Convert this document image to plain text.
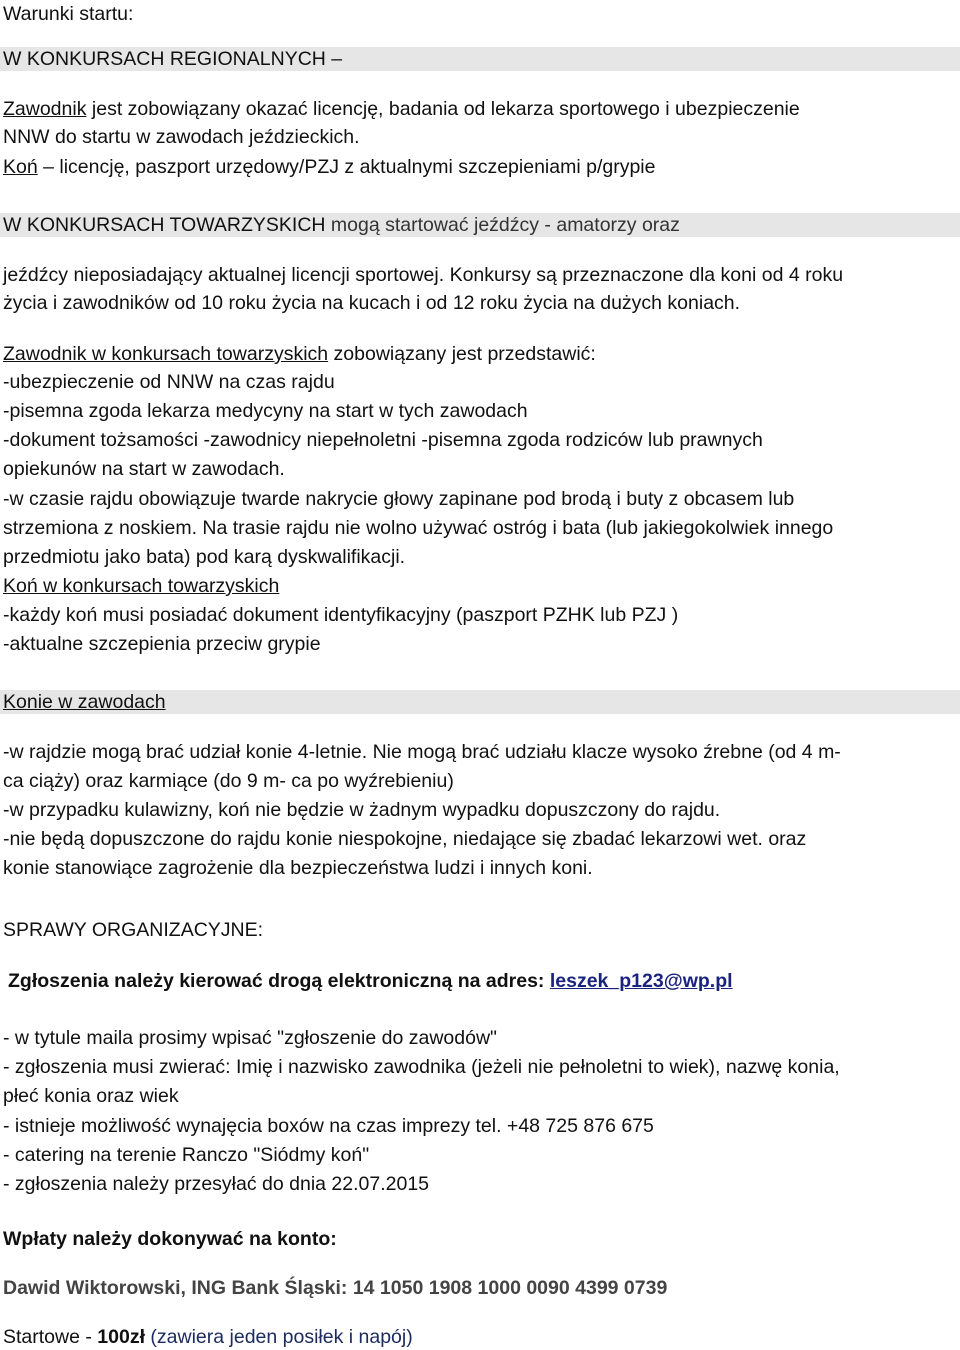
Warunki startu:
W KONKURSACH REGIONALNYCH –
Zawodnik jest zobowiązany okazać licencję, badania od lekarza sportowego i ubezpieczenie
NNW do startu w zawodach jeździeckich.
Koń – licencję, paszport urzędowy/PZJ z aktualnymi szczepieniami p/grypie
W KONKURSACH TOWARZYSKICH mogą startować jeźdźcy - amatorzy oraz
jeźdźcy nieposiadający aktualnej licencji sportowej. Konkursy są przeznaczone dla koni od 4 roku
życia i zawodników od 10 roku życia na kucach i od 12 roku życia na dużych koniach.
Zawodnik w konkursach towarzyskich zobowiązany jest przedstawić:
-ubezpieczenie od NNW na czas rajdu
-pisemna zgoda lekarza medycyny na start w tych zawodach
-dokument tożsamości -zawodnicy niepełnoletni -pisemna zgoda rodziców lub prawnych
opiekunów na start w zawodach.
-w czasie rajdu obowiązuje twarde nakrycie głowy zapinane pod brodą i buty z obcasem lub
strzemiona z noskiem. Na trasie rajdu nie wolno używać ostróg i bata (lub jakiegokolwiek innego
przedmiotu jako bata) pod karą dyskwalifikacji.
Koń w konkursach towarzyskich
-każdy koń musi posiadać dokument identyfikacyjny (paszport PZHK lub PZJ )
-aktualne szczepienia przeciw grypie
Konie w zawodach
-w rajdzie mogą brać udział konie 4-letnie. Nie mogą brać udziału klacze wysoko źrebne (od 4 m-
ca ciąży) oraz karmiące (do 9 m- ca po wyźrebieniu)
-w przypadku kulawizny, koń nie będzie w żadnym wypadku dopuszczony do rajdu.
-nie będą dopuszczone do rajdu konie niespokojne, niedające się zbadać lekarzowi wet. oraz
konie stanowiące zagrożenie dla bezpieczeństwa ludzi i innych koni.
SPRAWY ORGANIZACYJNE:
Zgłoszenia należy kierować drogą elektroniczną na adres: leszek_p123@wp.pl
- w tytule maila prosimy wpisać "zgłoszenie do zawodów"
- zgłoszenia musi zwierać: Imię i nazwisko zawodnika (jeżeli nie pełnoletni to wiek), nazwę konia,
płeć konia oraz wiek
- istnieje możliwość wynajęcia boxów na czas imprezy tel. +48 725 876 675
- catering na terenie Ranczo "Siódmy koń"
- zgłoszenia należy przesyłać do dnia 22.07.2015
Wpłaty należy dokonywać na konto:
Dawid Wiktorowski, ING Bank Śląski: 14 1050 1908 1000 0090 4399 0739
Startowe - 100zł (zawiera jeden posiłek i napój)
